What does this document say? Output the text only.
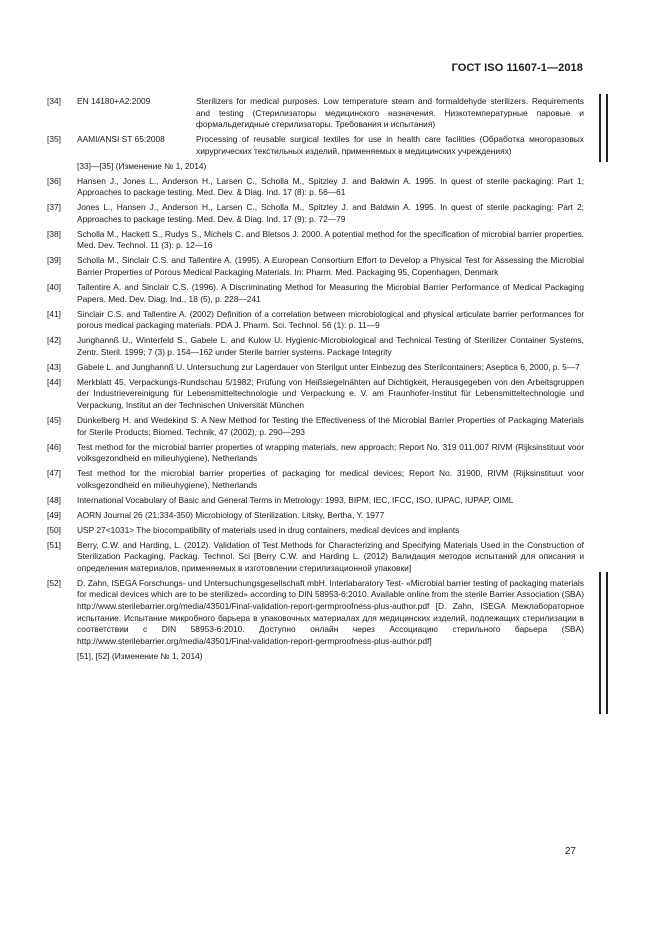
ГОСТ ISO 11607-1—2018
[34]	EN 14180+A2:2009	Sterilizers for medical purposes. Low temperature steam and formaldehyde sterilizers. Requirements and testing (Стерилизаторы медицинского назначения. Низкотемпературные паровые и формальдегидные стерилизаторы. Требования и испытания)
[35]	AAMI/ANSI ST 65:2008	Processing of reusable surgical textiles for use in health care facilities (Обработка многоразовых хирургических текстильных изделий, применяемых в медицинских учреждениях)
[33]—[35] (Изменение № 1, 2014)
[36]	Hansen J., Jones L., Anderson H., Larsen C., Scholla M., Spitzley J. and Baldwin A. 1995. In quest of sterile packaging: Part 1; Approaches to package testing. Med. Dev. & Diag. Ind. 17 (8): p. 56—61
[37]	Jones L., Hansen J., Anderson H., Larsen C., Scholla M., Spitzley J. and Baldwin A. 1995. In quest of sterile packaging: Part 2; Approaches to package testing. Med. Dev. & Diag. Ind. 17 (9): p. 72—79
[38]	Scholla M., Hackett S., Rudys S., Michels C. and Bletsos J. 2000. A potential method for the specification of microbial barrier properties. Med. Dev. Technol. 11 (3): p. 12—16
[39]	Scholla M., Sinclair C.S. and Tallentire A. (1995). A European Consortium Effort to Develop a Physical Test for Assessing the Microbial Barrier Properties of Porous Medical Packaging Materials. In: Pharm. Med. Packaging 95, Copenhagen, Denmark
[40]	Tallentire A. and Sinclair C.S. (1996). A Discriminating Method for Measuring the Microbial Barrier Performance of Medical Packaging Papers. Med. Dev. Diag. Ind., 18 (5), p. 228—241
[41]	Sinclair C.S. and Tallentire A. (2002) Definition of a correlation between microbiological and physical articulate barrier performances for porous medical packaging materials. PDA J. Pharm. Sci. Technol. 56 (1): p. 11—9
[42]	Junghannß U., Winterfeld S., Gabele L. and Kulow U. Hygienic-Microbiological and Technical Testing of Sterilizer Container Systems, Zentr. Steril. 1999; 7 (3) p. 154—162 under Sterile barrier systems. Package Integrity
[43]	Gabele L. and Junghannß U. Untersuchung zur Lagerdauer von Sterilgut unter Einbezug des Sterilcontainers; Aseptica 6, 2000, p. 5—7
[44]	Merkblatt 45, Verpackungs-Rundschau 5/1982; Prüfung von Heißsiegelnähten auf Dichtigkeit, Herausgegeben von den Arbeitsgruppen der Industrievereinigung für Lebensmitteltechnologie und Verpackung e. V. am Fraunhofer-Institut für Lebensmitteltechnologie und Verpackung, Institut an der Technischen Universität München
[45]	Dunkelberg H. and Wedekind S. A New Method for Testing the Effectiveness of the Microbial Barrier Properties of Packaging Materials for Sterile Products; Biomed. Technik, 47 (2002), p. 290—293
[46]	Test method for the microbial barrier properties of wrapping materials, new approach; Report No. 319 011.007 RIVM (Rijksinstituut voor volksgezondheid en milieuhygiene), Netherlands
[47]	Test method for the microbial barrier properties of packaging for medical devices; Report No. 31900, RIVM (Rijksinstituut voor volksgezondheid en milieuhygiene), Netherlands
[48]	International Vocabulary of Basic and General Terms in Metrology: 1993, BIPM, IEC, IFCC, ISO, IUPAC, IUPAP, OIML
[49]	AORN Journal 26 (21:334-350) Microbiology of Sterilization. Litsky, Bertha, Y. 1977
[50]	USP 27<1031> The biocompatibility of materials used in drug containers, medical devices and implants
[51]	Berry, C.W. and Harding, L. (2012). Validation of Test Methods for Characterizing and Specifying Materials Used in the Construction of Sterilization Packaging. Packag. Technol. Sci [Berry C.W. and Harding L. (2012) Валидация методов испытаний для описания и определения материалов, применяемых в изготовлении стерилизационной упаковки]
[52]	D. Zahn, ISEGA Forschungs- und Untersuchungsgesellschaft mbH. Interlabaratory Test- «Microbial barrier testing of packaging materials for medical devices which are to be sterilized» according to DIN 58953-6:2010. Available online from the sterile Barrier Association (SBA) http://www.sterilebarrier.org/media/43501/Final-validation-report-germproofness-plus-author.pdf [D. Zahn, ISEGA Межлабораторное испытание. Испытание микробного барьера в упаковочных материалах для медицинских изделий, подлежащих стерилизации в соответствии с DIN 58953-6:2010. Доступно онлайн через Ассоциацию стерильного барьера (SBA) http://www.sterilebarrier.org/media/43501/Final-validation-report-germproofness-plus-author.pdf]
[51], [52] (Изменение № 1, 2014)
27
